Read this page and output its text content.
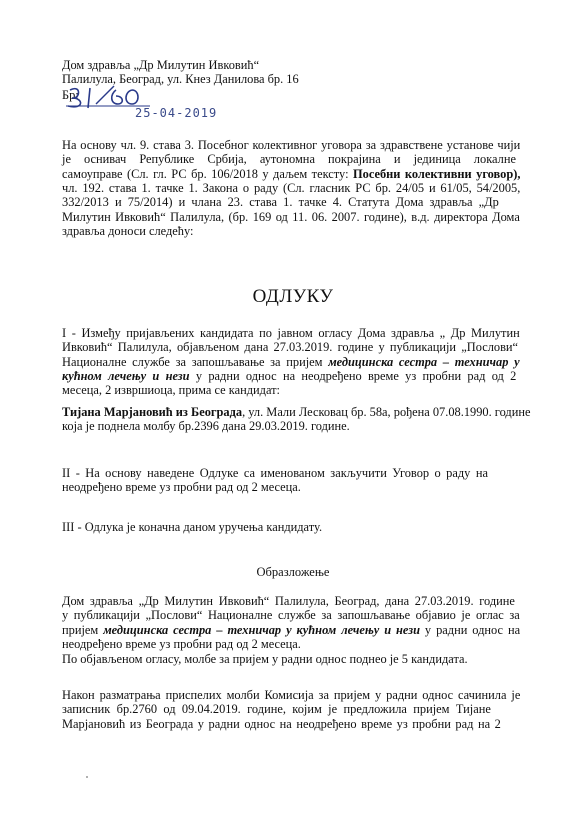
Дом здравља „Др Милутин Ивковић“
Палилула, Београд, ул. Кнез Данилова бр. 16
Бр:
25-04-2019
На основу чл. 9. става 3. Посебног колективног уговора за здравствене установе чији
је оснивач Републике Србија, аутономна покрајина и јединица локалне
самоуправе (Сл. гл. РС бр. 106/2018 у даљем тексту: Посебни колективни уговор),
чл. 192. става 1. тачке 1. Закона о раду (Сл. гласник РС бр. 24/05 и 61/05, 54/2005,
332/2013 и 75/2014) и члана 23. става 1. тачке 4. Статута Дома здравља „Др
Милутин Ивковић“ Палилула, (бр. 169 од 11. 06. 2007. године), в.д. директора Дома
здравља доноси следећу:
ОДЛУКУ
I - Између пријављених кандидата по јавном огласу Дома здравља „ Др Милутин
Ивковић“ Палилула, објављеном дана 27.03.2019. године у публикацији „Послови“
Националне службе за запошљавање за пријем медицинска сестра – техничар у
кућном лечењу и нези у радни однос на неодређено време уз пробни рад од 2
месеца, 2 извршиоца, прима се кандидат:
Тијана Марјановић из Београда, ул. Мали Лесковац бр. 58а, рођена 07.08.1990. године
која је поднела молбу бр.2396 дана 29.03.2019. године.
II - На основу наведене Одлуке са именованом закључити Уговор о раду на
неодређено време уз пробни рад од 2 месеца.
III - Одлука је коначна даном уручења кандидату.
Образложење
Дом здравља „Др Милутин Ивковић“ Палилула, Београд, дана 27.03.2019. године
у публикацији „Послови“ Националне службе за запошљавање објавио је оглас за
пријем медицинска сестра – техничар у кућном лечењу и нези у радни однос на
неодређено време уз пробни рад од 2 месеца.
По објављеном огласу, молбе за пријем у радни однос поднео је 5 кандидата.
Након разматрања приспелих молби Комисија за пријем у радни однос сачинила је
записник бр.2760 од 09.04.2019. године, којим је предложила пријем Тијане
Марјановић из Београда у радни однос на неодређено време уз пробни рад на 2
